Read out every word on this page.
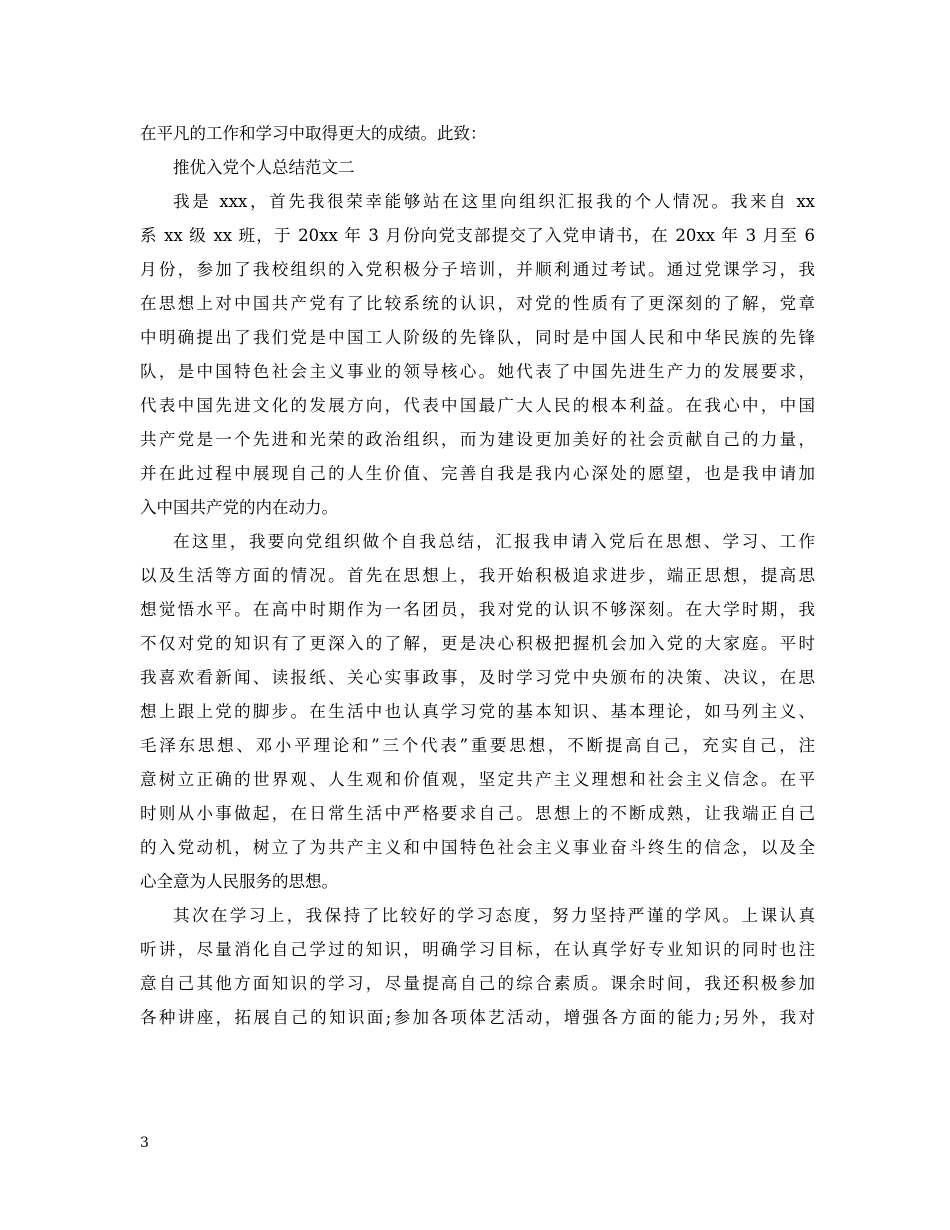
在平凡的工作和学习中取得更大的成绩。此致：
推优入党个人总结范文二
我是 xxx，首先我很荣幸能够站在这里向组织汇报我的个人情况。我来自 xx
系 xx 级 xx 班，于 20xx 年 3 月份向党支部提交了入党申请书，在 20xx 年 3 月至 6
月份，参加了我校组织的入党积极分子培训，并顺利通过考试。通过党课学习，我
在思想上对中国共产党有了比较系统的认识，对党的性质有了更深刻的了解，党章
中明确提出了我们党是中国工人阶级的先锋队，同时是中国人民和中华民族的先锋
队，是中国特色社会主义事业的领导核心。她代表了中国先进生产力的发展要求，
代表中国先进文化的发展方向，代表中国最广大人民的根本利益。在我心中，中国
共产党是一个先进和光荣的政治组织，而为建设更加美好的社会贡献自己的力量，
并在此过程中展现自己的人生价值、完善自我是我内心深处的愿望，也是我申请加
入中国共产党的内在动力。
在这里，我要向党组织做个自我总结，汇报我申请入党后在思想、学习、工作
以及生活等方面的情况。首先在思想上，我开始积极追求进步，端正思想，提高思
想觉悟水平。在高中时期作为一名团员，我对党的认识不够深刻。在大学时期，我
不仅对党的知识有了更深入的了解，更是决心积极把握机会加入党的大家庭。平时
我喜欢看新闻、读报纸、关心实事政事，及时学习党中央颁布的决策、决议，在思
想上跟上党的脚步。在生活中也认真学习党的基本知识、基本理论，如马列主义、
毛泽东思想、邓小平理论和”三个代表”重要思想，不断提高自己，充实自己，注
意树立正确的世界观、人生观和价值观，坚定共产主义理想和社会主义信念。在平
时则从小事做起，在日常生活中严格要求自己。思想上的不断成熟，让我端正自己
的入党动机，树立了为共产主义和中国特色社会主义事业奋斗终生的信念，以及全
心全意为人民服务的思想。
其次在学习上，我保持了比较好的学习态度，努力坚持严谨的学风。上课认真
听讲，尽量消化自己学过的知识，明确学习目标，在认真学好专业知识的同时也注
意自己其他方面知识的学习，尽量提高自己的综合素质。课余时间，我还积极参加
各种讲座，拓展自己的知识面;参加各项体艺活动，增强各方面的能力;另外，我对
3
